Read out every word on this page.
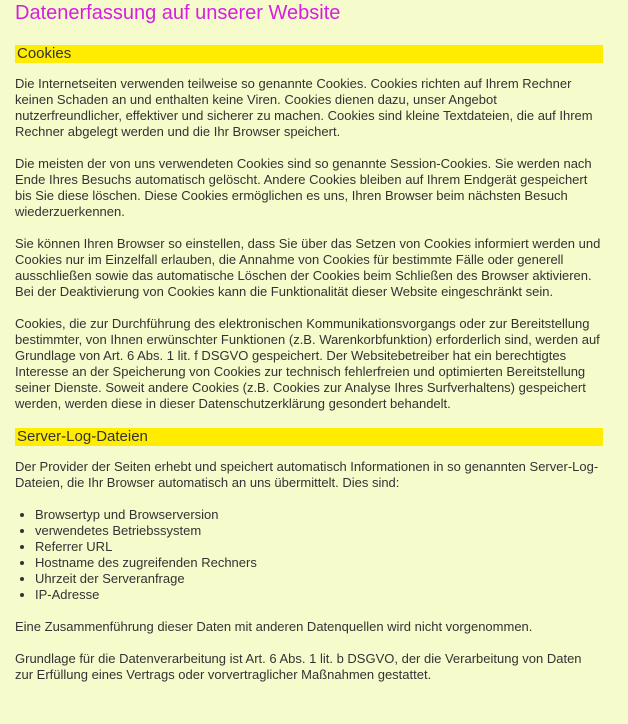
Datenerfassung auf unserer Website
Cookies

Die Internetseiten verwenden teilweise so genannte Cookies. Cookies richten auf Ihrem Rechner keinen Schaden an und enthalten keine Viren. Cookies dienen dazu, unser Angebot nutzerfreundlicher, effektiver und sicherer zu machen. Cookies sind kleine Textdateien, die auf Ihrem Rechner abgelegt werden und die Ihr Browser speichert.

Die meisten der von uns verwendeten Cookies sind so genannte Session-Cookies. Sie werden nach Ende Ihres Besuchs automatisch gelöscht. Andere Cookies bleiben auf Ihrem Endgerät gespeichert bis Sie diese löschen. Diese Cookies ermöglichen es uns, Ihren Browser beim nächsten Besuch wiederzuerkennen.

Sie können Ihren Browser so einstellen, dass Sie über das Setzen von Cookies informiert werden und Cookies nur im Einzelfall erlauben, die Annahme von Cookies für bestimmte Fälle oder generell ausschließen sowie das automatische Löschen der Cookies beim Schließen des Browser aktivieren. Bei der Deaktivierung von Cookies kann die Funktionalität dieser Website eingeschränkt sein.

Cookies, die zur Durchführung des elektronischen Kommunikationsvorgangs oder zur Bereitstellung bestimmter, von Ihnen erwünschter Funktionen (z.B. Warenkorbfunktion) erforderlich sind, werden auf Grundlage von Art. 6 Abs. 1 lit. f DSGVO gespeichert. Der Websitebetreiber hat ein berechtigtes Interesse an der Speicherung von Cookies zur technisch fehlerfreien und optimierten Bereitstellung seiner Dienste. Soweit andere Cookies (z.B. Cookies zur Analyse Ihres Surfverhaltens) gespeichert werden, werden diese in dieser Datenschutzerklärung gesondert behandelt.

Server-Log-Dateien

Der Provider der Seiten erhebt und speichert automatisch Informationen in so genannten Server-Log-Dateien, die Ihr Browser automatisch an uns übermittelt. Dies sind:

• Browsertyp und Browserversion
• verwendetes Betriebssystem
• Referrer URL
• Hostname des zugreifenden Rechners
• Uhrzeit der Serveranfrage
• IP-Adresse

Eine Zusammenführung dieser Daten mit anderen Datenquellen wird nicht vorgenommen.

Grundlage für die Datenverarbeitung ist Art. 6 Abs. 1 lit. b DSGVO, der die Verarbeitung von Daten zur Erfüllung eines Vertrags oder vorvertraglicher Maßnahmen gestattet.
